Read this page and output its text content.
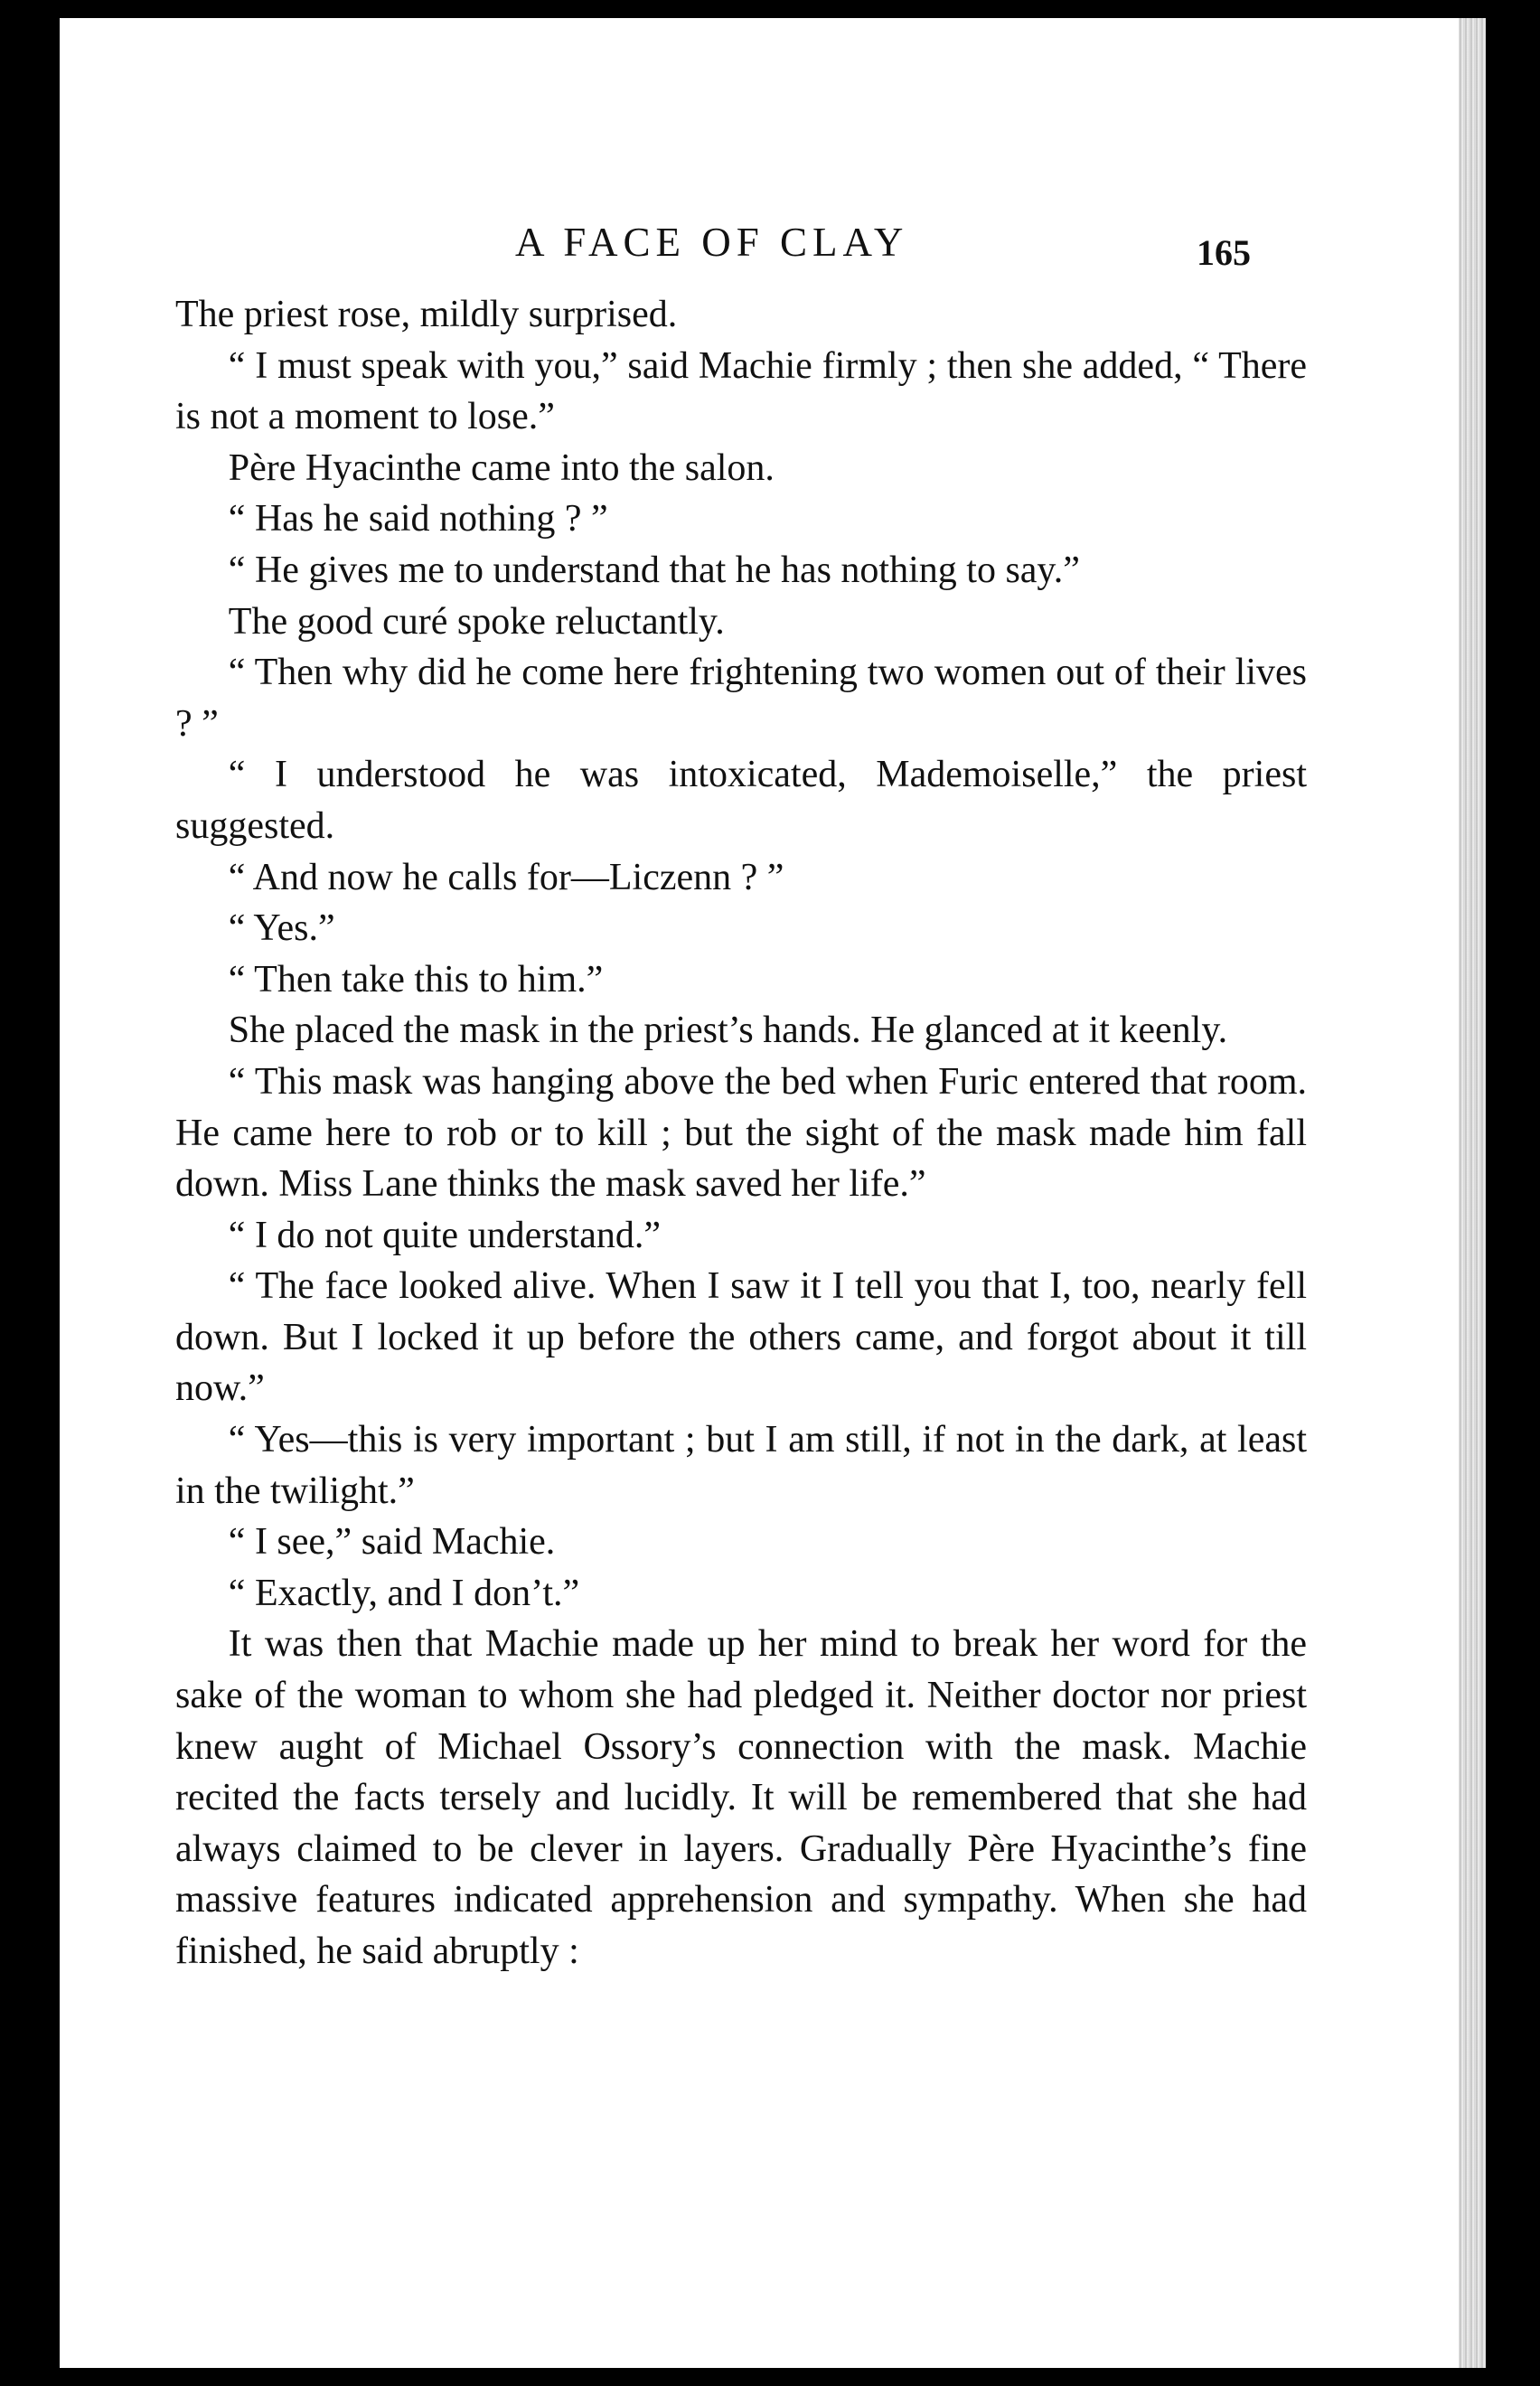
A FACE OF CLAY	165

The priest rose, mildly surprised.

“ I must speak with you,” said Machie firmly ; then she added, “ There is not a moment to lose.”

Père Hyacinthe came into the salon.

“ Has he said nothing ? ”

“ He gives me to understand that he has nothing to say.”

The good curé spoke reluctantly.

“ Then why did he come here frightening two women out of their lives ? ”

“ I understood he was intoxicated, Mademoiselle,” the priest suggested.

“ And now he calls for—Liczenn ? ”

“ Yes.”

“ Then take this to him.”

She placed the mask in the priest’s hands. He glanced at it keenly.

“ This mask was hanging above the bed when Furic entered that room. He came here to rob or to kill ; but the sight of the mask made him fall down. Miss Lane thinks the mask saved her life.”

“ I do not quite understand.”

“ The face looked alive. When I saw it I tell you that I, too, nearly fell down. But I locked it up before the others came, and forgot about it till now.”

“ Yes—this is very important ; but I am still, if not in the dark, at least in the twilight.”

“ I see,” said Machie.

“ Exactly, and I don’t.”

It was then that Machie made up her mind to break her word for the sake of the woman to whom she had pledged it. Neither doctor nor priest knew aught of Michael Ossory’s connection with the mask. Machie recited the facts tersely and lucidly. It will be remembered that she had always claimed to be clever in layers. Gradually Père Hyacinthe’s fine massive features indicated apprehension and sympathy. When she had finished, he said abruptly :
